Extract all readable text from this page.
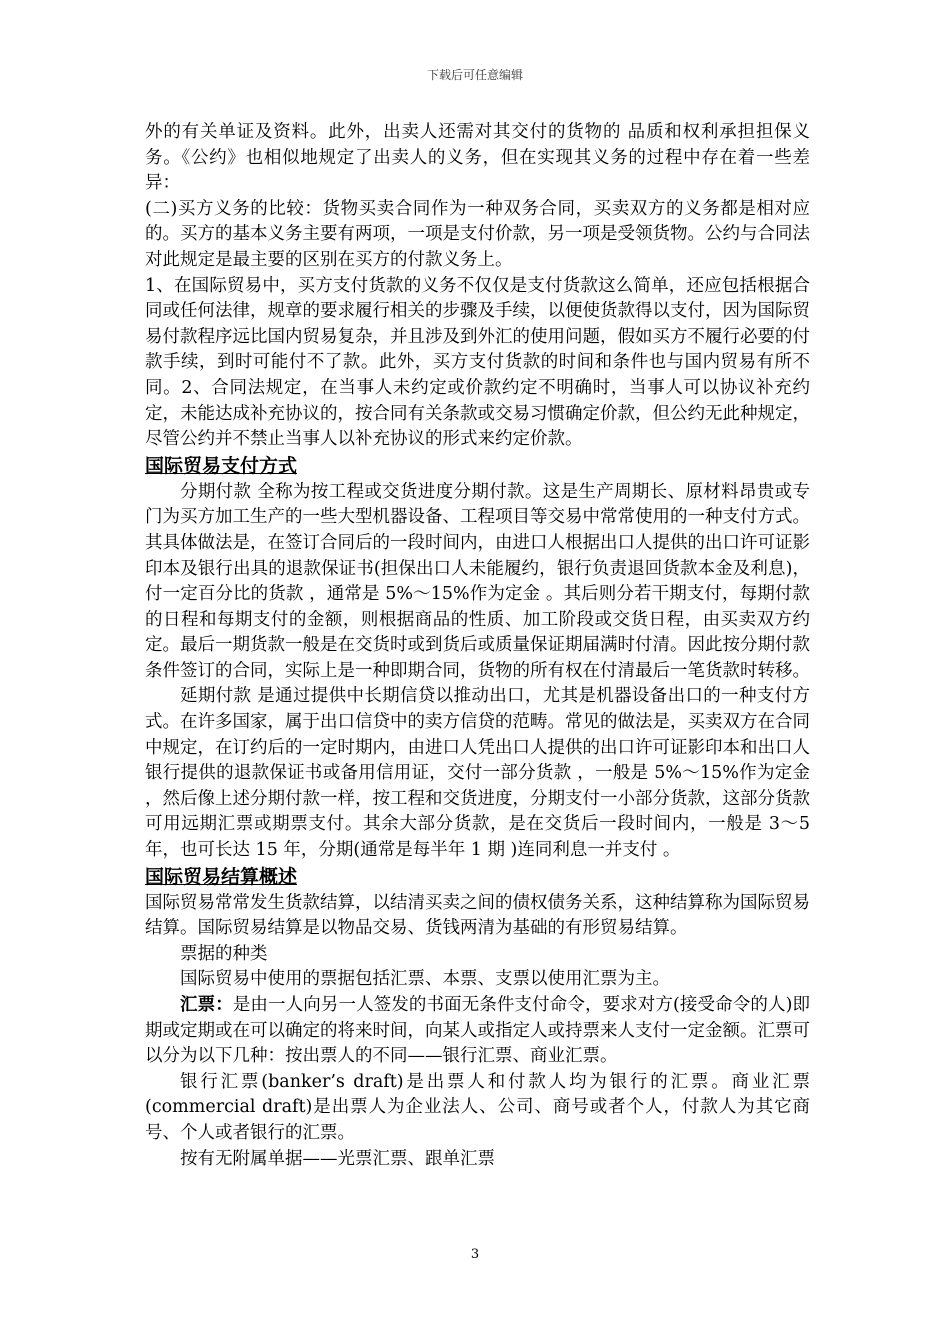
下载后可任意编辑

外的有关单证及资料。此外，出卖人还需对其交付的货物的 品质和权利承担担保义务。《公约》也相似地规定了出卖人的义务，但在实现其义务的过程中存在着一些差异：

(二)买方义务的比较：货物买卖合同作为一种双务合同，买卖双方的义务都是相对应的。买方的基本义务主要有两项，一项是支付价款，另一项是受领货物。公约与合同法对此规定是最主要的区别在买方的付款义务上。

1、在国际贸易中，买方支付货款的义务不仅仅是支付货款这么简单，还应包括根据合同或任何法律，规章的要求履行相关的步骤及手续，以便使货款得以支付，因为国际贸易付款程序远比国内贸易复杂，并且涉及到外汇的使用问题，假如买方不履行必要的付款手续，到时可能付不了款。此外，买方支付货款的时间和条件也与国内贸易有所不同。2、合同法规定，在当事人未约定或价款约定不明确时，当事人可以协议补充约定，未能达成补充协议的，按合同有关条款或交易习惯确定价款，但公约无此种规定，尽管公约并不禁止当事人以补充协议的形式来约定价款。

国际贸易支付方式

分期付款 全称为按工程或交货进度分期付款。这是生产周期长、原材料昂贵或专门为买方加工生产的一些大型机器设备、工程项目等交易中常常使用的一种支付方式。其具体做法是，在签订合同后的一段时间内，由进口人根据出口人提供的出口许可证影印本及银行出具的退款保证书(担保出口人未能履约，银行负责退回货款本金及利息)，付一定百分比的货款 ，通常是 5%～15%作为定金 。其后则分若干期支付，每期付款的日程和每期支付的金额，则根据商品的性质、加工阶段或交货日程，由买卖双方约定。最后一期货款一般是在交货时或到货后或质量保证期届满时付清。因此按分期付款条件签订的合同，实际上是一种即期合同，货物的所有权在付清最后一笔货款时转移。

延期付款 是通过提供中长期信贷以推动出口，尤其是机器设备出口的一种支付方式。在许多国家，属于出口信贷中的卖方信贷的范畴。常见的做法是，买卖双方在合同中规定，在订约后的一定时期内，由进口人凭出口人提供的出口许可证影印本和出口人银行提供的退款保证书或备用信用证，交付一部分货款 ，一般是 5%～15%作为定金 ，然后像上述分期付款一样，按工程和交货进度，分期支付一小部分货款，这部分货款可用远期汇票或期票支付。其余大部分货款，是在交货后一段时间内，一般是 3～5 年，也可长达 15 年，分期(通常是每半年 1 期 )连同利息一并支付 。

国际贸易结算概述

国际贸易常常发生货款结算，以结清买卖之间的债权债务关系，这种结算称为国际贸易结算。国际贸易结算是以物品交易、货钱两清为基础的有形贸易结算。

票据的种类

国际贸易中使用的票据包括汇票、本票、支票以使用汇票为主。

汇票：是由一人向另一人签发的书面无条件支付命令，要求对方(接受命令的人)即期或定期或在可以确定的将来时间，向某人或指定人或持票来人支付一定金额。汇票可以分为以下几种：按出票人的不同——银行汇票、商业汇票。

银行汇票(banker’s draft)是出票人和付款人均为银行的汇票。商业汇票(commercial draft)是出票人为企业法人、公司、商号或者个人，付款人为其它商号、个人或者银行的汇票。

按有无附属单据——光票汇票、跟单汇票

3
